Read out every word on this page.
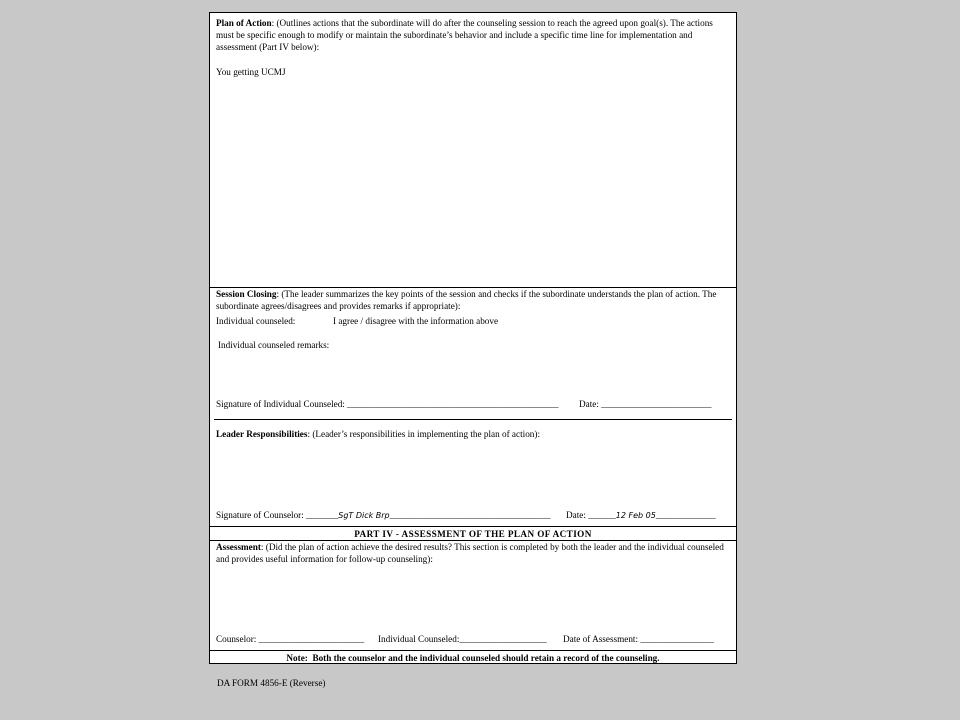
Plan of Action: (Outlines actions that the subordinate will do after the counseling session to reach the agreed upon goal(s). The actions must be specific enough to modify or maintain the subordinate’s behavior and include a specific time line for implementation and assessment (Part IV below):
You getting UCMJ
Session Closing: (The leader summarizes the key points of the session and checks if the subordinate understands the plan of action. The subordinate agrees/disagrees and provides remarks if appropriate):
Individual counseled:	I agree / disagree with the information above
Individual counseled remarks:
Signature of Individual Counseled: ______________________________________________ Date: ________________________
Leader Responsibilities: (Leader’s responsibilities in implementing the plan of action):
Signature of Counselor: _______SgT Dick Brp___________________________________ Date: ______12 Feb 05_____________
PART IV - ASSESSMENT OF THE PLAN OF ACTION
Assessment: (Did the plan of action achieve the desired results? This section is completed by both the leader and the individual counseled and provides useful information for follow-up counseling):
Counselor: _______________________ Individual Counseled:___________________ Date of Assessment: ________________
Note: Both the counselor and the individual counseled should retain a record of the counseling.
DA FORM 4856-E (Reverse)
